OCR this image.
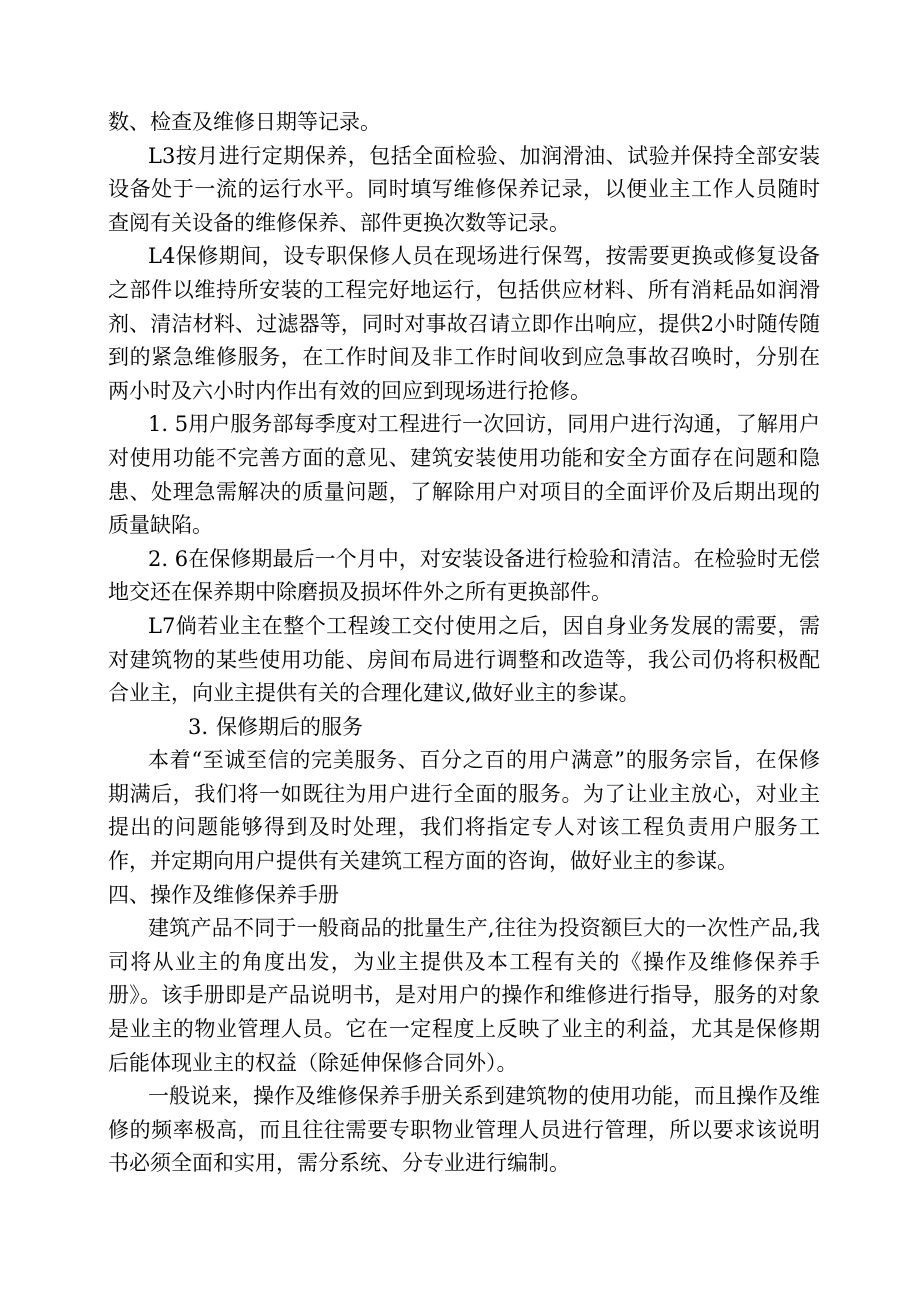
数、检查及维修日期等记录。

L3按月进行定期保养，包括全面检验、加润滑油、试验并保持全部安装设备处于一流的运行水平。同时填写维修保养记录，以便业主工作人员随时查阅有关设备的维修保养、部件更换次数等记录。

L4保修期间，设专职保修人员在现场进行保驾，按需要更换或修复设备之部件以维持所安装的工程完好地运行，包括供应材料、所有消耗品如润滑剂、清洁材料、过滤器等，同时对事故召请立即作出响应，提供2小时随传随到的紧急维修服务，在工作时间及非工作时间收到应急事故召唤时，分别在两小时及六小时内作出有效的回应到现场进行抢修。

1. 5用户服务部每季度对工程进行一次回访，同用户进行沟通，了解用户对使用功能不完善方面的意见、建筑安装使用功能和安全方面存在问题和隐患、处理急需解决的质量问题，了解除用户对项目的全面评价及后期出现的质量缺陷。

2. 6在保修期最后一个月中，对安装设备进行检验和清洁。在检验时无偿地交还在保养期中除磨损及损坏件外之所有更换部件。

L7倘若业主在整个工程竣工交付使用之后，因自身业务发展的需要，需对建筑物的某些使用功能、房间布局进行调整和改造等，我公司仍将积极配合业主，向业主提供有关的合理化建议,做好业主的参谋。

3. 保修期后的服务

本着“至诚至信的完美服务、百分之百的用户满意”的服务宗旨，在保修期满后，我们将一如既往为用户进行全面的服务。为了让业主放心，对业主提出的问题能够得到及时处理，我们将指定专人对该工程负责用户服务工作，并定期向用户提供有关建筑工程方面的咨询，做好业主的参谋。

四、操作及维修保养手册

建筑产品不同于一般商品的批量生产,往往为投资额巨大的一次性产品,我司将从业主的角度出发，为业主提供及本工程有关的《操作及维修保养手册》。该手册即是产品说明书，是对用户的操作和维修进行指导，服务的对象是业主的物业管理人员。它在一定程度上反映了业主的利益，尤其是保修期后能体现业主的权益（除延伸保修合同外）。

一般说来，操作及维修保养手册关系到建筑物的使用功能，而且操作及维修的频率极高，而且往往需要专职物业管理人员进行管理，所以要求该说明书必须全面和实用，需分系统、分专业进行编制。
